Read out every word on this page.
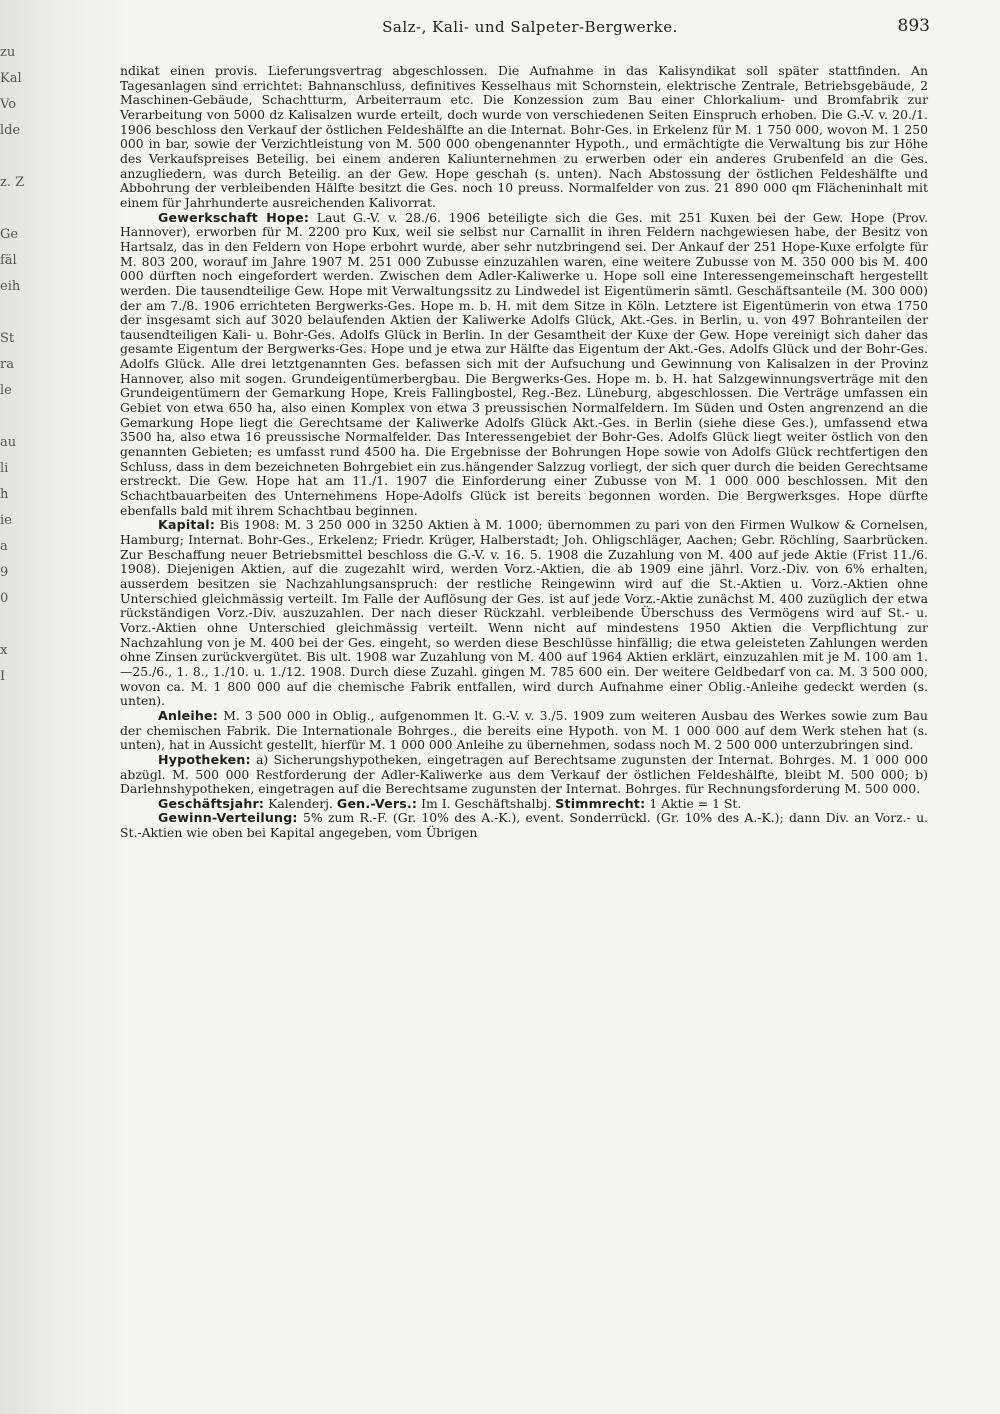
zu
Kal
Vo
lde

z. Z

Ge
fäl
eih

St
ra
le

au
li
h
ie
a
9
0

x
I
Salz-, Kali- und Salpeter-Bergwerke.	893

ndikat einen provis. Lieferungsvertrag abgeschlossen. Die Aufnahme in das Kalisyndikat soll später stattfinden. An Tagesanlagen sind errichtet: Bahnanschluss, definitives Kesselhaus mit Schornstein, elektrische Zentrale, Betriebsgebäude, 2 Maschinen-Gebäude, Schachtturm, Arbeiterraum etc. Die Konzession zum Bau einer Chlorkalium- und Bromfabrik zur Verarbeitung von 5000 dz Kalisalzen wurde erteilt, doch wurde von verschiedenen Seiten Einspruch erhoben. Die G.-V. v. 20./1. 1906 beschloss den Verkauf der östlichen Feldeshälfte an die Internat. Bohr-Ges. in Erkelenz für M. 1 750 000, wovon M. 1 250 000 in bar, sowie der Verzichtleistung von M. 500 000 obengenannter Hypoth., und ermächtigte die Verwaltung bis zur Höhe des Verkaufspreises Beteilig. bei einem anderen Kaliunternehmen zu erwerben oder ein anderes Grubenfeld an die Ges. anzugliedern, was durch Beteilig. an der Gew. Hope geschah (s. unten). Nach Abstossung der östlichen Feldeshälfte und Abbohrung der verbleibenden Hälfte besitzt die Ges. noch 10 preuss. Normalfelder von zus. 21 890 000 qm Flächeninhalt mit einem für Jahrhunderte ausreichenden Kalivorrat.

Gewerkschaft Hope: Laut G.-V. v. 28./6. 1906 beteiligte sich die Ges. mit 251 Kuxen bei der Gew. Hope (Prov. Hannover), erworben für M. 2200 pro Kux, weil sie selbst nur Carnallit in ihren Feldern nachgewiesen habe, der Besitz von Hartsalz, das in den Feldern von Hope erbohrt wurde, aber sehr nutzbringend sei. Der Ankauf der 251 Hope-Kuxe erfolgte für M. 803 200, worauf im Jahre 1907 M. 251 000 Zubusse einzuzahlen waren, eine weitere Zubusse von M. 350 000 bis M. 400 000 dürften noch eingefordert werden. Zwischen dem Adler-Kaliwerke u. Hope soll eine Interessengemeinschaft hergestellt werden. Die tausendteilige Gew. Hope mit Verwaltungssitz zu Lindwedel ist Eigentümerin sämtl. Geschäftsanteile (M. 300 000) der am 7./8. 1906 errichteten Bergwerks-Ges. Hope m. b. H. mit dem Sitze in Köln. Letztere ist Eigentümerin von etwa 1750 der insgesamt sich auf 3020 belaufenden Aktien der Kaliwerke Adolfs Glück, Akt.-Ges. in Berlin, u. von 497 Bohranteilen der tausendteiligen Kali- u. Bohr-Ges. Adolfs Glück in Berlin. In der Gesamtheit der Kuxe der Gew. Hope vereinigt sich daher das gesamte Eigentum der Bergwerks-Ges. Hope und je etwa zur Hälfte das Eigentum der Akt.-Ges. Adolfs Glück und der Bohr-Ges. Adolfs Glück. Alle drei letztgenannten Ges. befassen sich mit der Aufsuchung und Gewinnung von Kalisalzen in der Provinz Hannover, also mit sogen. Grundeigentümerbergbau. Die Bergwerks-Ges. Hope m. b. H. hat Salzgewinnungsverträge mit den Grundeigentümern der Gemarkung Hope, Kreis Fallingbostel, Reg.-Bez. Lüneburg, abgeschlossen. Die Verträge umfassen ein Gebiet von etwa 650 ha, also einen Komplex von etwa 3 preussischen Normalfeldern. Im Süden und Osten angrenzend an die Gemarkung Hope liegt die Gerechtsame der Kaliwerke Adolfs Glück Akt.-Ges. in Berlin (siehe diese Ges.), umfassend etwa 3500 ha, also etwa 16 preussische Normalfelder. Das Interessengebiet der Bohr-Ges. Adolfs Glück liegt weiter östlich von den genannten Gebieten; es umfasst rund 4500 ha. Die Ergebnisse der Bohrungen Hope sowie von Adolfs Glück rechtfertigen den Schluss, dass in dem bezeichneten Bohrgebiet ein zus.hängender Salzzug vorliegt, der sich quer durch die beiden Gerechtsame erstreckt. Die Gew. Hope hat am 11./1. 1907 die Einforderung einer Zubusse von M. 1 000 000 beschlossen. Mit den Schachtbauarbeiten des Unternehmens Hope-Adolfs Glück ist bereits begonnen worden. Die Bergwerksges. Hope dürfte ebenfalls bald mit ihrem Schachtbau beginnen.

Kapital: Bis 1908: M. 3 250 000 in 3250 Aktien à M. 1000; übernommen zu pari von den Firmen Wulkow & Cornelsen, Hamburg; Internat. Bohr-Ges., Erkelenz; Friedr. Krüger, Halberstadt; Joh. Ohligschläger, Aachen; Gebr. Röchling, Saarbrücken. Zur Beschaffung neuer Betriebsmittel beschloss die G.-V. v. 16. 5. 1908 die Zuzahlung von M. 400 auf jede Aktie (Frist 11./6. 1908). Diejenigen Aktien, auf die zugezahlt wird, werden Vorz.-Aktien, die ab 1909 eine jährl. Vorz.-Div. von 6% erhalten, ausserdem besitzen sie Nachzahlungsanspruch: der restliche Reingewinn wird auf die St.-Aktien u. Vorz.-Aktien ohne Unterschied gleichmässig verteilt. Im Falle der Auflösung der Ges. ist auf jede Vorz.-Aktie zunächst M. 400 zuzüglich der etwa rückständigen Vorz.-Div. auszuzahlen. Der nach dieser Rückzahl. verbleibende Überschuss des Vermögens wird auf St.- u. Vorz.-Aktien ohne Unterschied gleichmässig verteilt. Wenn nicht auf mindestens 1950 Aktien die Verpflichtung zur Nachzahlung von je M. 400 bei der Ges. eingeht, so werden diese Beschlüsse hinfällig; die etwa geleisteten Zahlungen werden ohne Zinsen zurückvergütet. Bis ult. 1908 war Zuzahlung von M. 400 auf 1964 Aktien erklärt, einzuzahlen mit je M. 100 am 1.—25./6., 1. 8., 1./10. u. 1./12. 1908. Durch diese Zuzahl. gingen M. 785 600 ein. Der weitere Geldbedarf von ca. M. 3 500 000, wovon ca. M. 1 800 000 auf die chemische Fabrik entfallen, wird durch Aufnahme einer Oblig.-Anleihe gedeckt werden (s. unten).

Anleihe: M. 3 500 000 in Oblig., aufgenommen lt. G.-V. v. 3./5. 1909 zum weiteren Ausbau des Werkes sowie zum Bau der chemischen Fabrik. Die Internationale Bohrges., die bereits eine Hypoth. von M. 1 000 000 auf dem Werk stehen hat (s. unten), hat in Aussicht gestellt, hierfür M. 1 000 000 Anleihe zu übernehmen, sodass noch M. 2 500 000 unterzubringen sind.

Hypotheken: a) Sicherungshypotheken, eingetragen auf Berechtsame zugunsten der Internat. Bohrges. M. 1 000 000 abzügl. M. 500 000 Restforderung der Adler-Kaliwerke aus dem Verkauf der östlichen Feldeshälfte, bleibt M. 500 000; b) Darlehnshypotheken, eingetragen auf die Berechtsame zugunsten der Internat. Bohrges. für Rechnungsforderung M. 500 000.

Geschäftsjahr: Kalenderj. Gen.-Vers.: Im I. Geschäftshalbj. Stimmrecht: 1 Aktie = 1 St.

Gewinn-Verteilung: 5% zum R.-F. (Gr. 10% des A.-K.), event. Sonderrückl. (Gr. 10% des A.-K.); dann Div. an Vorz.- u. St.-Aktien wie oben bei Kapital angegeben, vom Übrigen
